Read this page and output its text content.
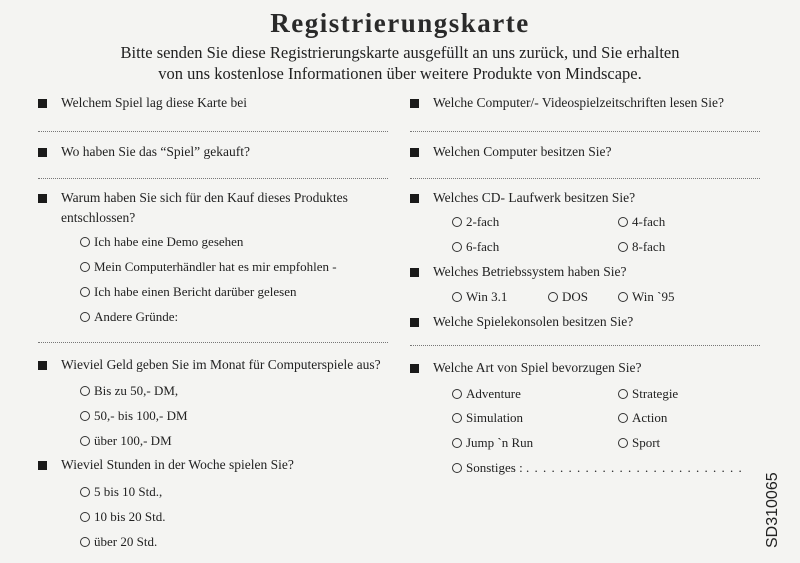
Registrierungskarte
Bitte senden Sie diese Registrierungskarte ausgefüllt an uns zurück, und Sie erhalten
von uns kostenlose Informationen über weitere Produkte von Mindscape.
Welchem Spiel lag diese Karte bei
Wo haben Sie das “Spiel” gekauft?
Warum haben Sie sich für den Kauf dieses Produktes
entschlossen?
Ich habe eine Demo gesehen
Mein Computerhändler hat es mir empfohlen -
Ich habe einen Bericht darüber gelesen
Andere Gründe:
Wieviel Geld geben Sie im Monat für Computerspiele aus?
Bis zu 50,- DM,
50,- bis 100,- DM
über 100,- DM
Wieviel Stunden in der Woche spielen Sie?
5 bis 10 Std.,
10 bis 20 Std.
über 20 Std.
Welche Computer/- Videospielzeitschriften lesen Sie?
Welchen Computer besitzen Sie?
Welches CD- Laufwerk besitzen Sie?
2-fach	4-fach
6-fach	8-fach
Welches Betriebssystem haben Sie?
Win 3.1	DOS	Win `95
Welche Spielekonsolen besitzen Sie?
Welche Art von Spiel bevorzugen Sie?
Adventure	Strategie
Simulation	Action
Jump `n Run	Sport
Sonstiges : . . . . . . . . . . . . . . . . . . . . . . . . . .
SD310065
